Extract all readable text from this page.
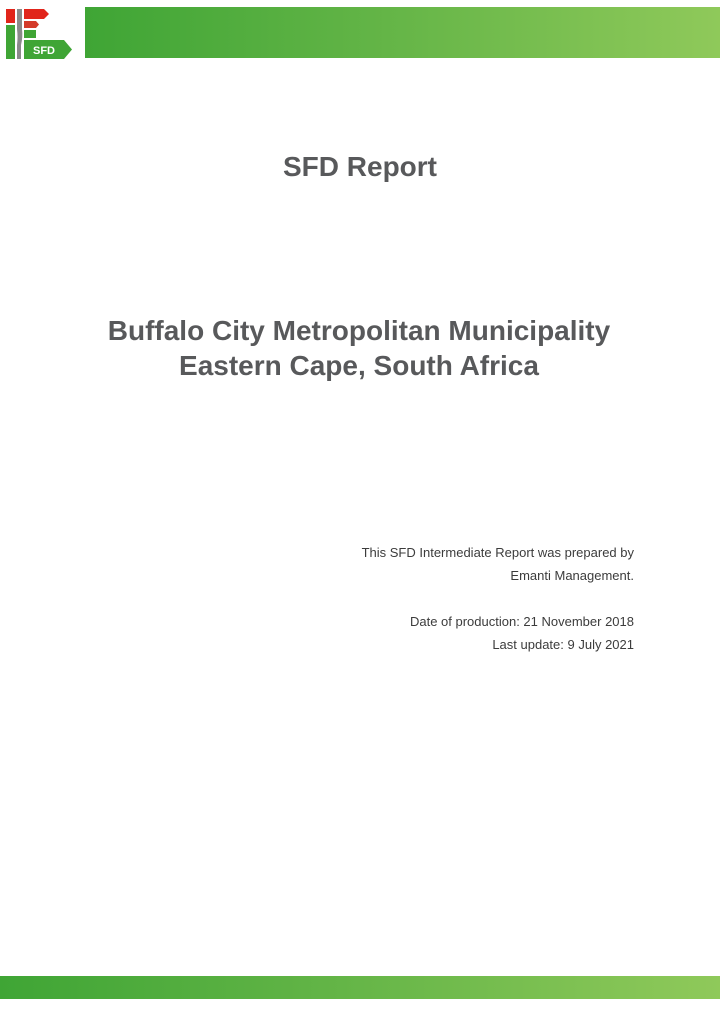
SFD
SFD Report
Buffalo City Metropolitan Municipality
Eastern Cape, South Africa
This SFD Intermediate Report was prepared by
Emanti Management.
Date of production: 21 November 2018
Last update: 9 July 2021
